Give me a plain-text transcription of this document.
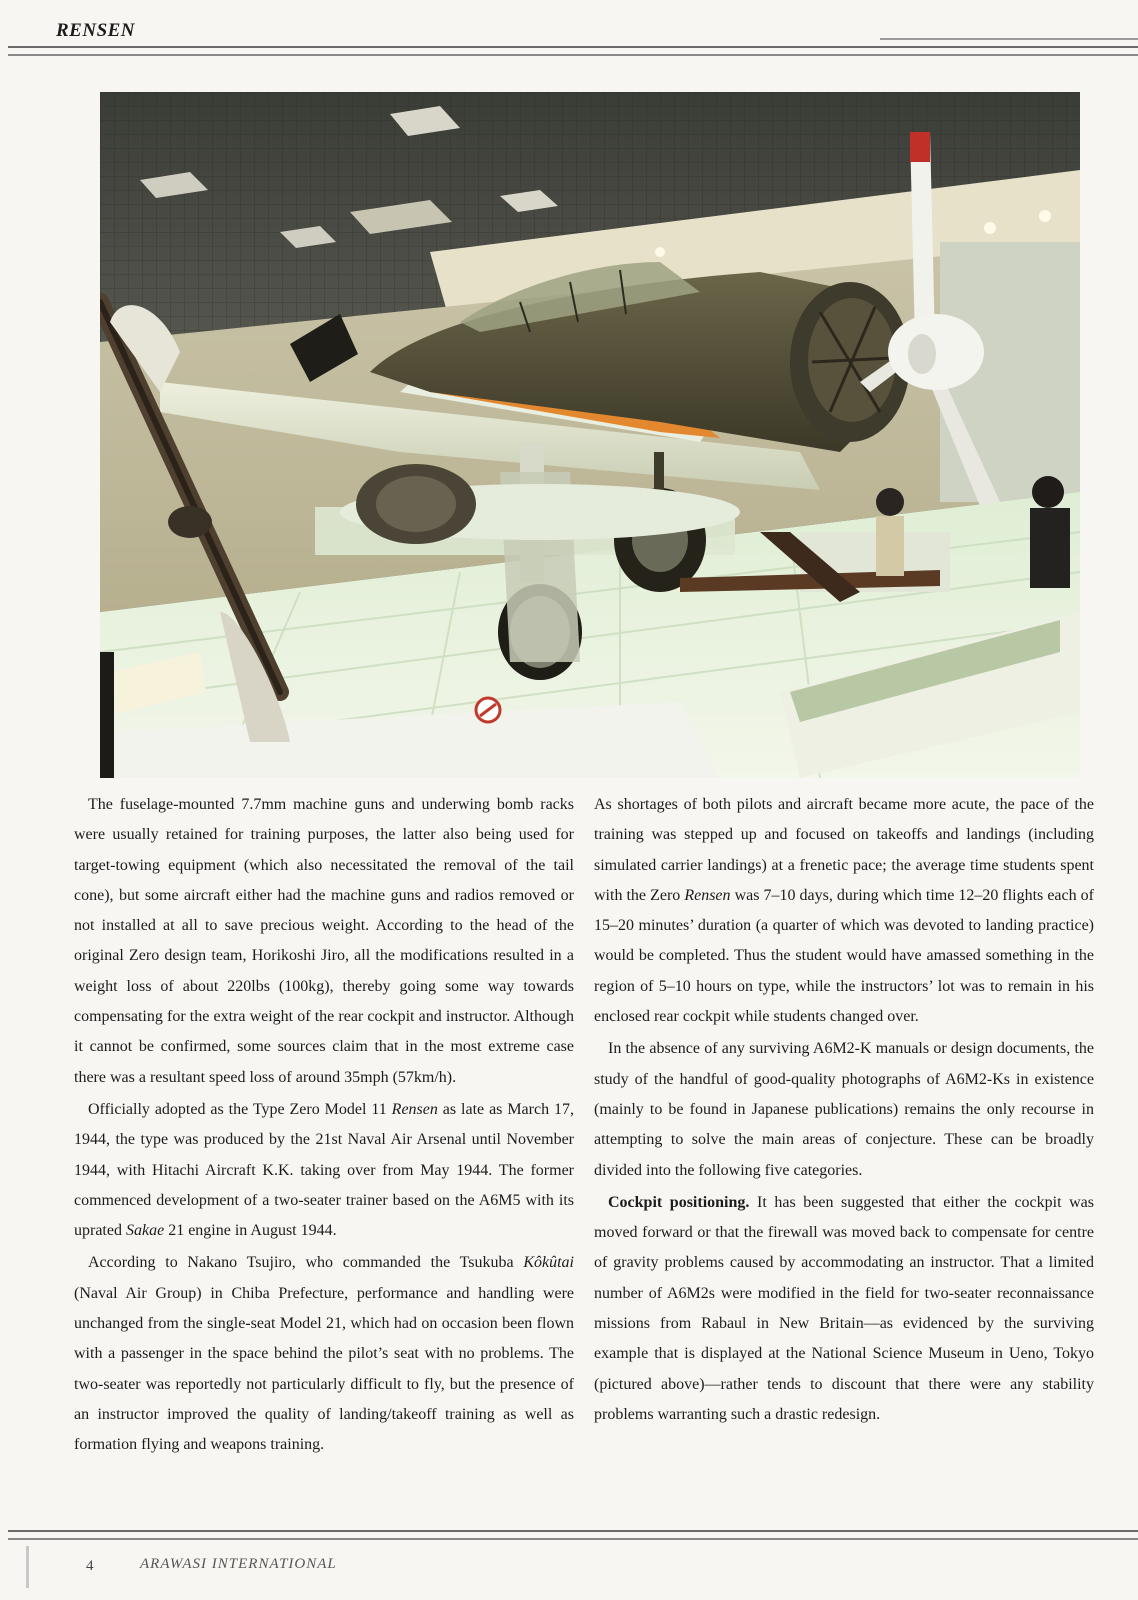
RENSEN

The fuselage-mounted 7.7mm machine guns and underwing bomb racks were usually retained for training purposes, the latter also being used for target-towing equipment (which also necessitated the removal of the tail cone), but some aircraft either had the machine guns and radios removed or not installed at all to save precious weight. According to the head of the original Zero design team, Horikoshi Jiro, all the modifications resulted in a weight loss of about 220lbs (100kg), thereby going some way towards compensating for the extra weight of the rear cockpit and instructor. Although it cannot be confirmed, some sources claim that in the most extreme case there was a resultant speed loss of around 35mph (57km/h).

Officially adopted as the Type Zero Model 11 Rensen as late as March 17, 1944, the type was produced by the 21st Naval Air Arsenal until November 1944, with Hitachi Aircraft K.K. taking over from May 1944. The former commenced development of a two-seater trainer based on the A6M5 with its uprated Sakae 21 engine in August 1944.

According to Nakano Tsujiro, who commanded the Tsukuba Kôkûtai (Naval Air Group) in Chiba Prefecture, performance and handling were unchanged from the single-seat Model 21, which had on occasion been flown with a passenger in the space behind the pilot’s seat with no problems. The two-seater was reportedly not particularly difficult to fly, but the presence of an instructor improved the quality of landing/takeoff training as well as formation flying and weapons training.

As shortages of both pilots and aircraft became more acute, the pace of the training was stepped up and focused on takeoffs and landings (including simulated carrier landings) at a frenetic pace; the average time students spent with the Zero Rensen was 7–10 days, during which time 12–20 flights each of 15–20 minutes’ duration (a quarter of which was devoted to landing practice) would be completed. Thus the student would have amassed something in the region of 5–10 hours on type, while the instructors’ lot was to remain in his enclosed rear cockpit while students changed over.

In the absence of any surviving A6M2-K manuals or design documents, the study of the handful of good-quality photographs of A6M2-Ks in existence (mainly to be found in Japanese publications) remains the only recourse in attempting to solve the main areas of conjecture. These can be broadly divided into the following five categories.

Cockpit positioning. It has been suggested that either the cockpit was moved forward or that the firewall was moved back to compensate for centre of gravity problems caused by accommodating an instructor. That a limited number of A6M2s were modified in the field for two-seater reconnaissance missions from Rabaul in New Britain—as evidenced by the surviving example that is displayed at the National Science Museum in Ueno, Tokyo (pictured above)—rather tends to discount that there were any stability problems warranting such a drastic redesign.

4	ARAWASI INTERNATIONAL
